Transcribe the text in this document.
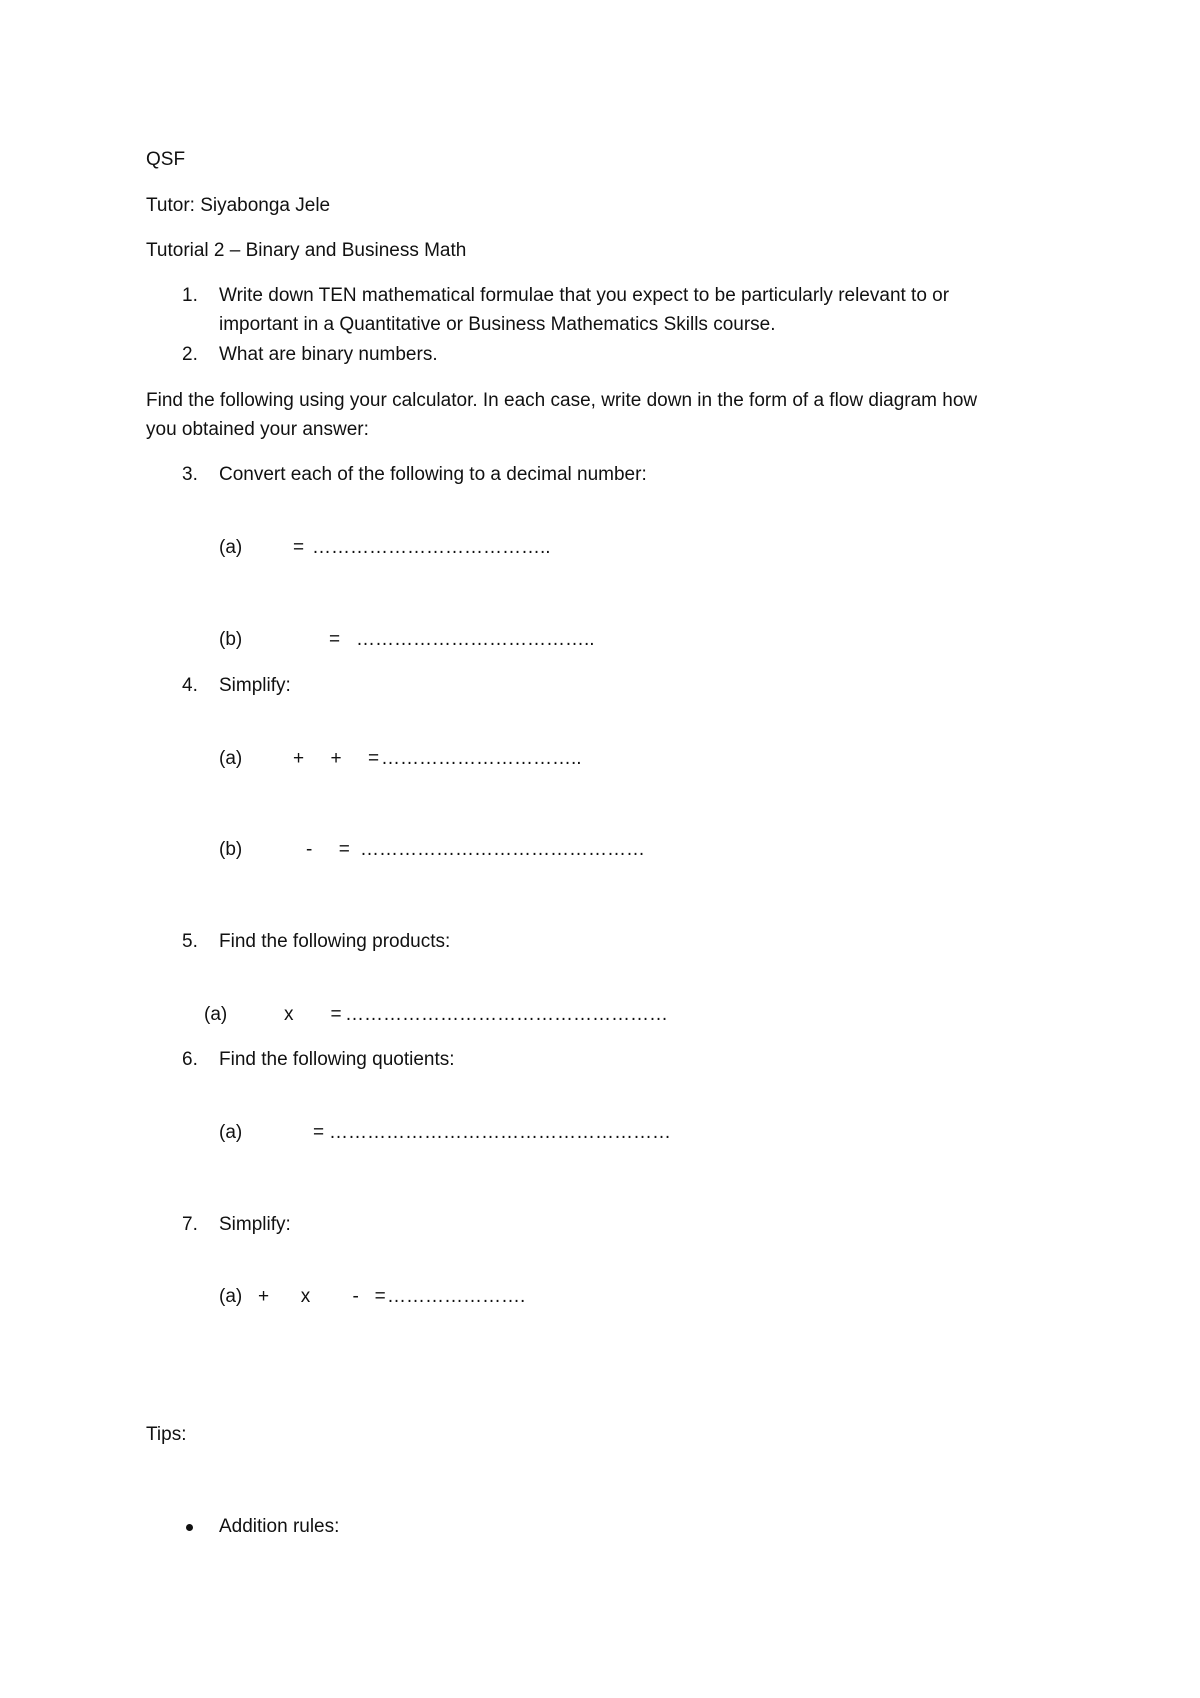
QSF
Tutor: Siyabonga Jele
Tutorial 2 – Binary and Business Math
1. Write down TEN mathematical formulae that you expect to be particularly relevant to or
important in a Quantitative or Business Mathematics Skills course.
2. What are binary numbers.
Find the following using your calculator. In each case, write down in the form of a flow diagram how
you obtained your answer:
3. Convert each of the following to a decimal number:
(a)	= ………………………………..
(b)	= ………………………………..
4. Simplify:
(a)	+     +     = …………………………..
(b)	-     = ………………………………………
5. Find the following products:
(a)	x       = ……………………………………………
6. Find the following quotients:
(a)	= ………………………………………………
7. Simplify:
(a) +      x        -   = ………………….
Tips:
Addition rules:
